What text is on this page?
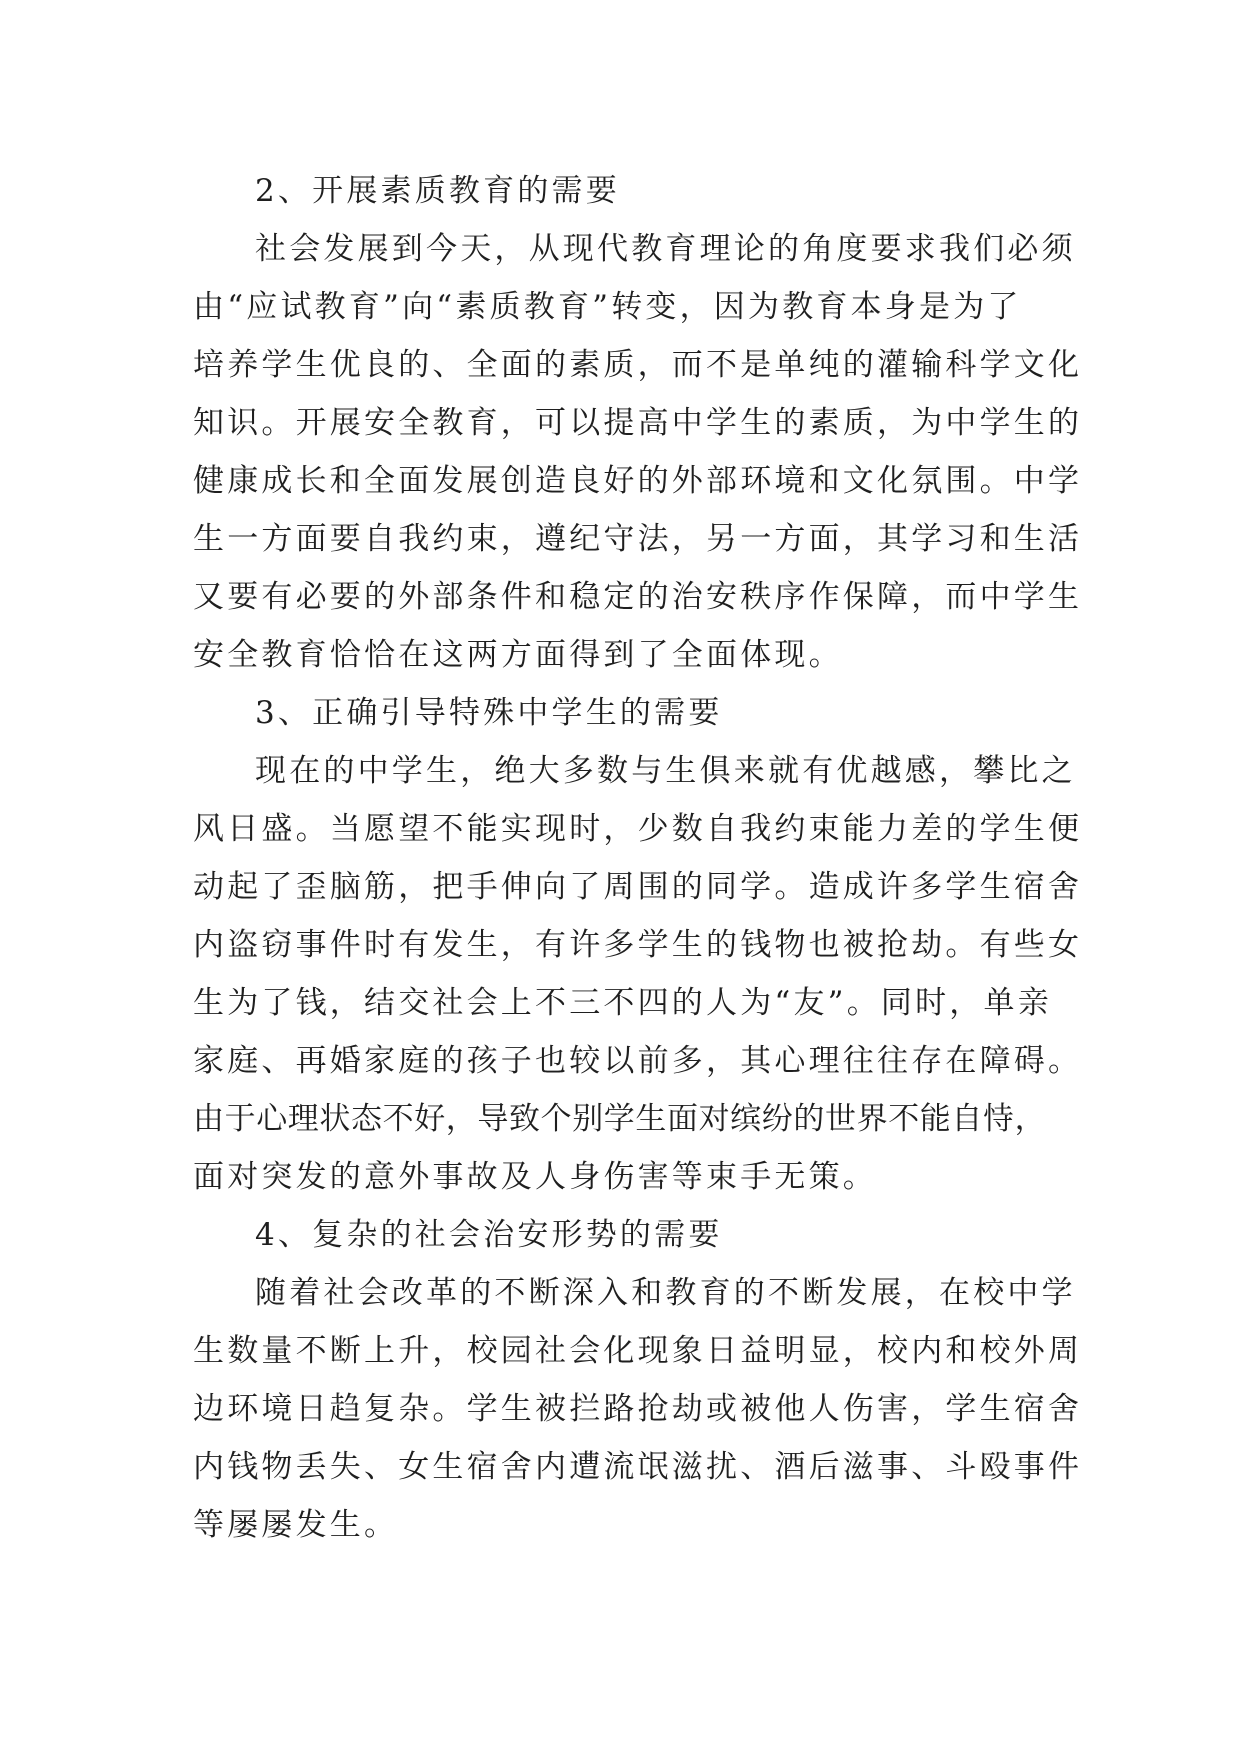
2、开展素质教育的需要
社会发展到今天，从现代教育理论的角度要求我们必须
由“应试教育”向“素质教育”转变，因为教育本身是为了
培养学生优良的、全面的素质，而不是单纯的灌输科学文化
知识。开展安全教育，可以提高中学生的素质，为中学生的
健康成长和全面发展创造良好的外部环境和文化氛围。中学
生一方面要自我约束，遵纪守法，另一方面，其学习和生活
又要有必要的外部条件和稳定的治安秩序作保障，而中学生
安全教育恰恰在这两方面得到了全面体现。
3、正确引导特殊中学生的需要
现在的中学生，绝大多数与生俱来就有优越感，攀比之
风日盛。当愿望不能实现时，少数自我约束能力差的学生便
动起了歪脑筋，把手伸向了周围的同学。造成许多学生宿舍
内盗窃事件时有发生，有许多学生的钱物也被抢劫。有些女
生为了钱，结交社会上不三不四的人为“友”。同时，单亲
家庭、再婚家庭的孩子也较以前多，其心理往往存在障碍。
由于心理状态不好，导致个别学生面对缤纷的世界不能自恃，
面对突发的意外事故及人身伤害等束手无策。
4、复杂的社会治安形势的需要
随着社会改革的不断深入和教育的不断发展，在校中学
生数量不断上升，校园社会化现象日益明显，校内和校外周
边环境日趋复杂。学生被拦路抢劫或被他人伤害，学生宿舍
内钱物丢失、女生宿舍内遭流氓滋扰、酒后滋事、斗殴事件
等屡屡发生。
